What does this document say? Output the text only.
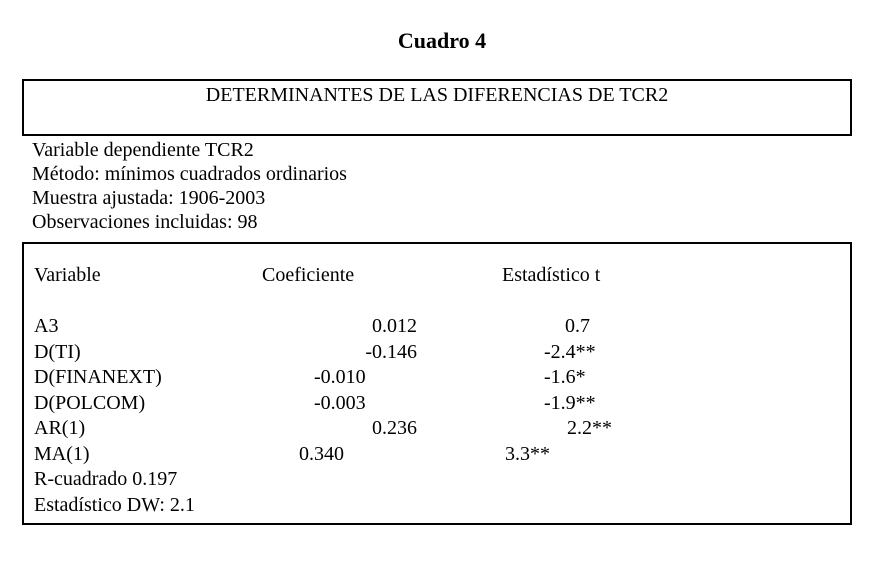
Cuadro 4
DETERMINANTES DE LAS DIFERENCIAS DE TCR2
Variable dependiente TCR2
Método: mínimos cuadrados ordinarios
Muestra ajustada: 1906-2003
Observaciones incluidas: 98
Variable	Coeficiente	Estadístico t
A3	0.012	0.7
D(TI)	-0.146	-2.4**
D(FINANEXT)	-0.010	-1.6*
D(POLCOM)	-0.003	-1.9**
AR(1)	0.236	2.2**
MA(1)	0.340	3.3**
R-cuadrado 0.197
Estadístico DW: 2.1
